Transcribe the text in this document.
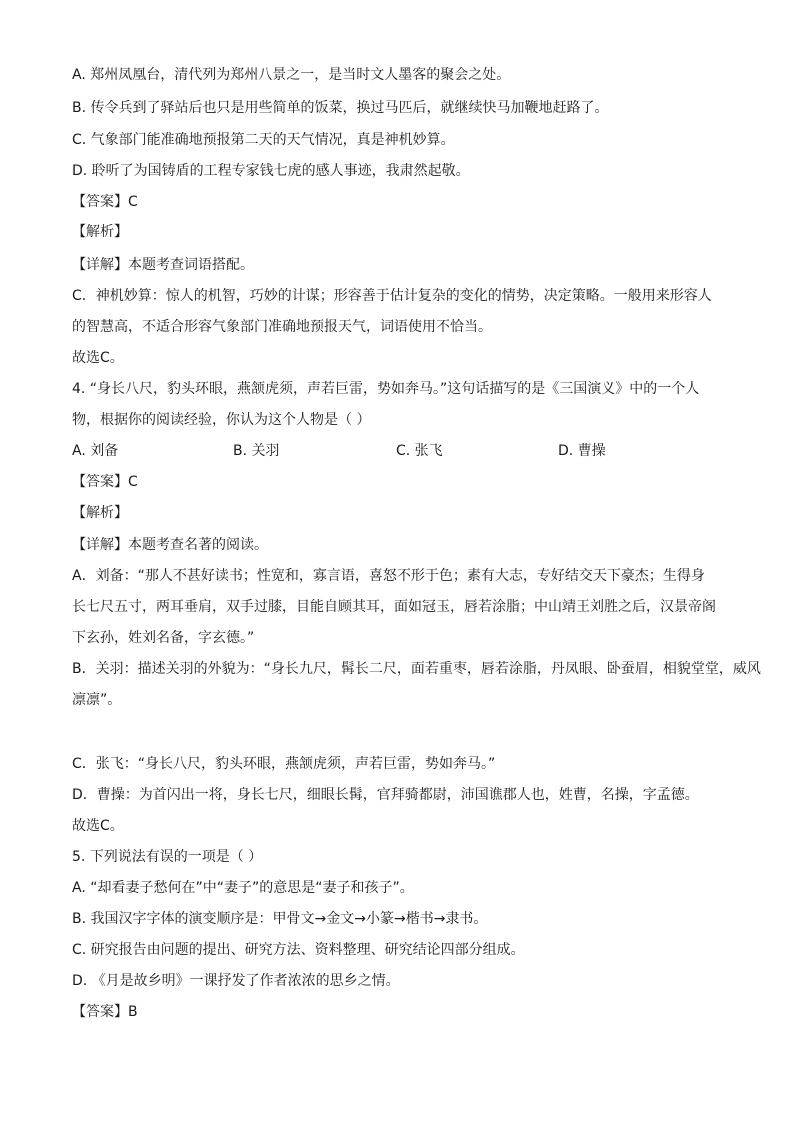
A. 郑州凤凰台，清代列为郑州八景之一，是当时文人墨客的聚会之处。
B. 传令兵到了驿站后也只是用些简单的饭菜，换过马匹后，就继续快马加鞭地赶路了。
C. 气象部门能准确地预报第二天的天气情况，真是神机妙算。
D. 聆听了为国铸盾的工程专家钱七虎的感人事迹，我肃然起敬。
【答案】C
【解析】
【详解】本题考查词语搭配。
C．神机妙算：惊人的机智，巧妙的计谋；形容善于估计复杂的变化的情势，决定策略。一般用来形容人
的智慧高，不适合形容气象部门准确地预报天气，词语使用不恰当。
故选C。
4. “身长八尺，豹头环眼，燕颔虎须，声若巨雷，势如奔马。”这句话描写的是《三国演义》中的一个人
物，根据你的阅读经验，你认为这个人物是（ ）
A. 刘备	B. 关羽	C. 张飞	D. 曹操
【答案】C
【解析】
【详解】本题考查名著的阅读。
A．刘备：“那人不甚好读书；性宽和，寡言语，喜怒不形于色；素有大志，专好结交天下豪杰；生得身
长七尺五寸，两耳垂肩，双手过膝，目能自顾其耳，面如冠玉，唇若涂脂；中山靖王刘胜之后，汉景帝阁
下玄孙，姓刘名备，字玄德。”
B．关羽：描述关羽的外貌为：“身长九尺，髯长二尺，面若重枣，唇若涂脂，丹凤眼、卧蚕眉，相貌堂堂，威风
凛凛”。
C．张飞：“身长八尺，豹头环眼，燕颔虎须，声若巨雷，势如奔马。”
D．曹操：为首闪出一将，身长七尺，细眼长髯，官拜骑都尉，沛国谯郡人也，姓曹，名操，字孟德。
故选C。
5. 下列说法有误的一项是（ ）
A. “却看妻子愁何在”中“妻子”的意思是“妻子和孩子”。
B. 我国汉字字体的演变顺序是：甲骨文→金文→小篆→楷书→隶书。
C. 研究报告由问题的提出、研究方法、资料整理、研究结论四部分组成。
D. 《月是故乡明》一课抒发了作者浓浓的思乡之情。
【答案】B
